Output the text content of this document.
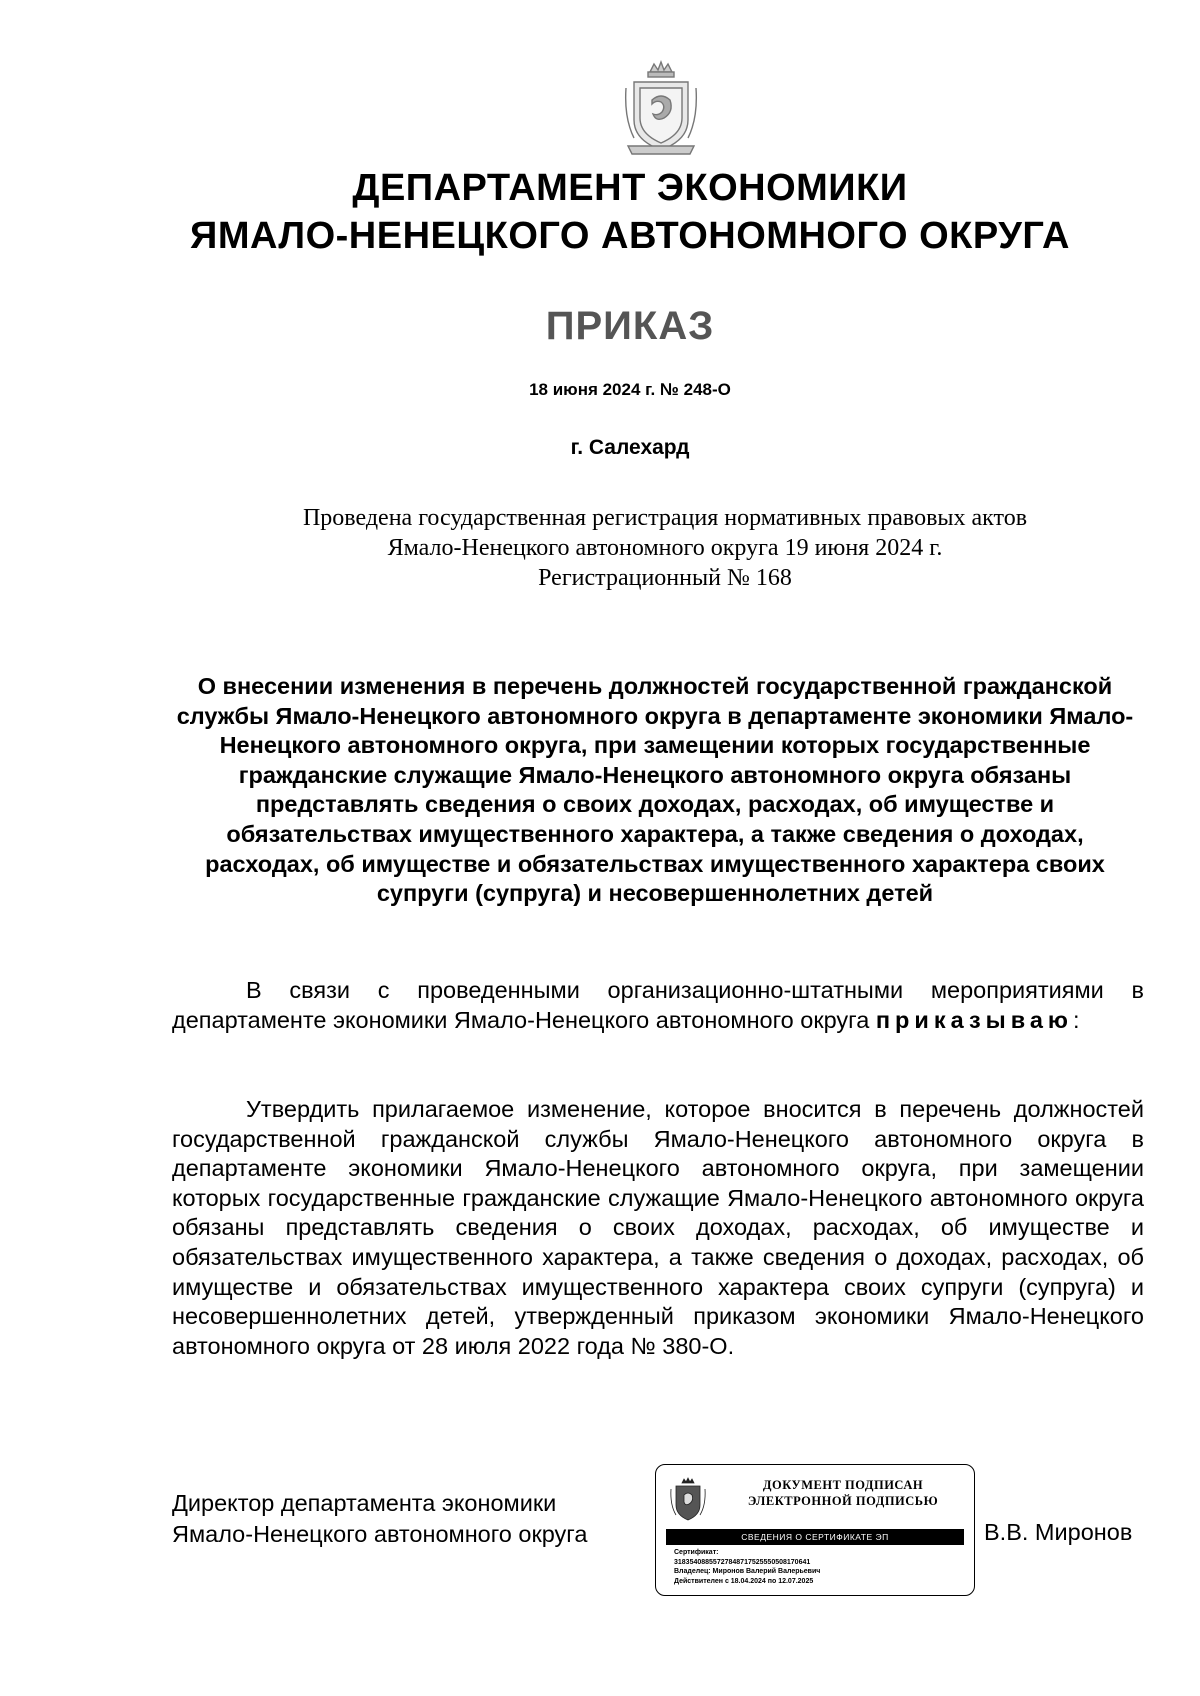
ДЕПАРТАМЕНТ ЭКОНОМИКИ
ЯМАЛО-НЕНЕЦКОГО АВТОНОМНОГО ОКРУГА
ПРИКАЗ
18 июня 2024 г. № 248-О
г. Салехард
Проведена государственная регистрация нормативных правовых актов
Ямало-Ненецкого автономного округа 19 июня 2024 г.
Регистрационный № 168
О внесении изменения в перечень должностей государственной гражданской службы Ямало-Ненецкого автономного округа в департаменте экономики Ямало-Ненецкого автономного округа, при замещении которых государственные гражданские служащие Ямало-Ненецкого автономного округа обязаны представлять сведения о своих доходах, расходах, об имуществе и обязательствах имущественного характера, а также сведения о доходах, расходах, об имуществе и обязательствах имущественного характера своих супруги (супруга) и несовершеннолетних детей
В связи с проведенными организационно-штатными мероприятиями в департаменте экономики Ямало-Ненецкого автономного округа приказываю:
Утвердить прилагаемое изменение, которое вносится в перечень должностей государственной гражданской службы Ямало-Ненецкого автономного округа в департаменте экономики Ямало-Ненецкого автономного округа, при замещении которых государственные гражданские служащие Ямало-Ненецкого автономного округа обязаны представлять сведения о своих доходах, расходах, об имуществе и обязательствах имущественного характера, а также сведения о доходах, расходах, об имуществе и обязательствах имущественного характера своих супруги (супруга) и несовершеннолетних детей, утвержденный приказом экономики Ямало-Ненецкого автономного округа от 28 июля 2022 года № 380-О.
Директор департамента экономики
Ямало-Ненецкого автономного округа
ДОКУМЕНТ ПОДПИСАН
ЭЛЕКТРОННОЙ ПОДПИСЬЮ
СВЕДЕНИЯ О СЕРТИФИКАТЕ ЭП
Сертификат:
31835408855727848717525550508170641
Владелец: Миронов Валерий Валерьевич
Действителен с 18.04.2024 по 12.07.2025
В.В. Миронов
